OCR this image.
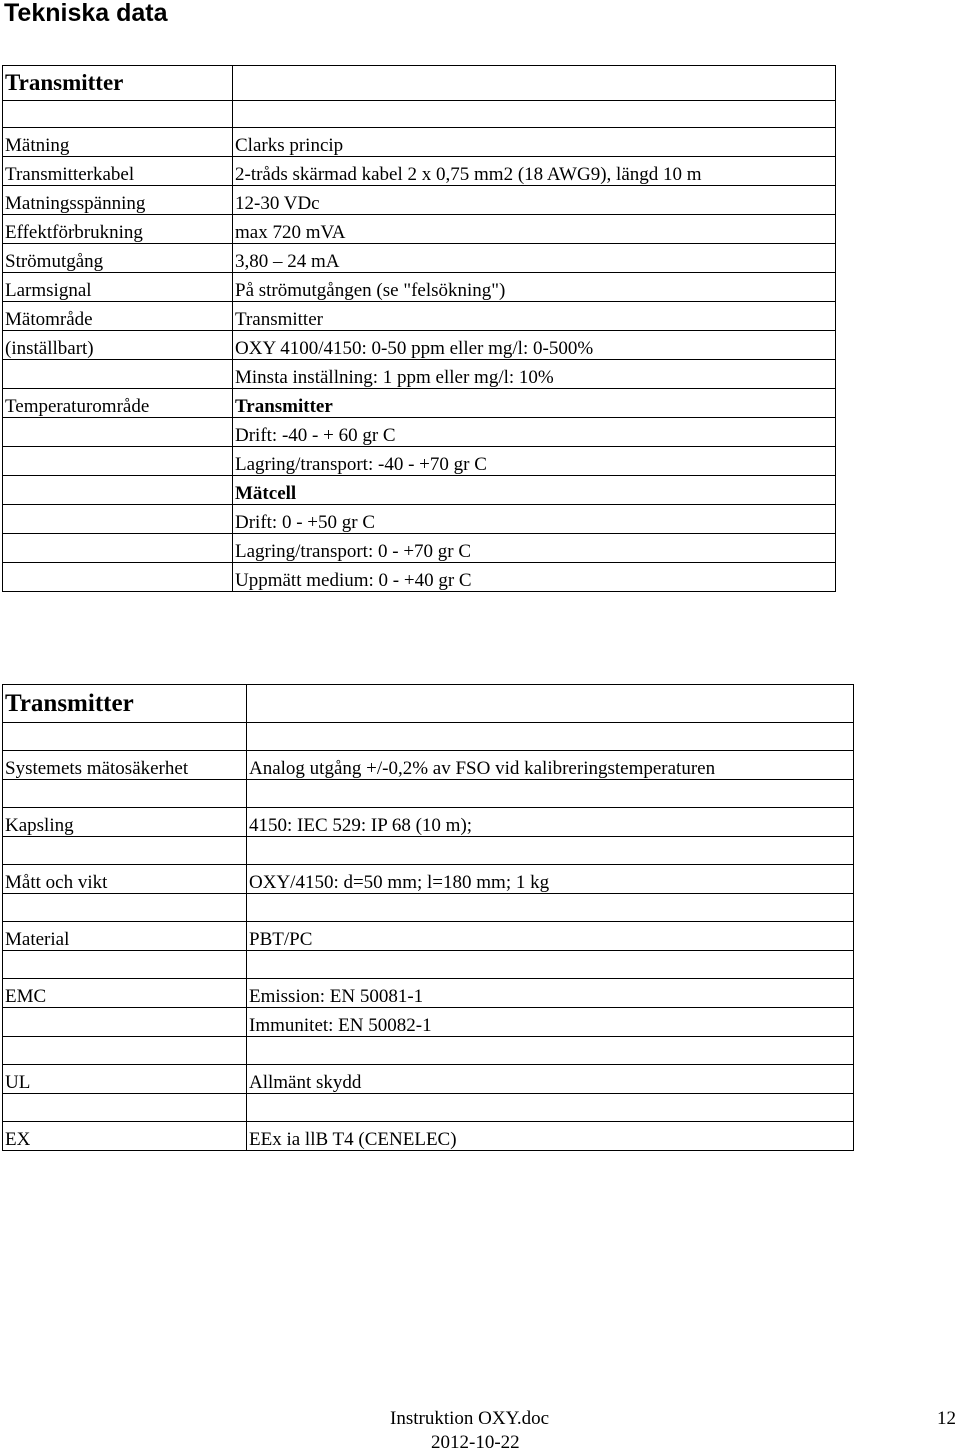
Tekniska data
Transmitter	

Mätning	Clarks princip
Transmitterkabel	2-tråds skärmad kabel 2 x 0,75 mm2 (18 AWG9), längd 10 m
Matningsspänning	12-30 VDc
Effektförbrukning	max 720 mVA
Strömutgång	3,80 – 24 mA
Larmsignal	På strömutgången (se "felsökning")
Mätområde	Transmitter
(inställbart)	OXY 4100/4150: 0-50 ppm eller mg/l: 0-500%
	Minsta inställning: 1 ppm eller mg/l: 10%
Temperaturområde	Transmitter
	Drift: -40 - + 60 gr C
	Lagring/transport: -40 - +70 gr C
	Mätcell
	Drift: 0 - +50 gr C
	Lagring/transport: 0 - +70 gr C
	Uppmätt medium: 0 - +40 gr C
Transmitter	

Systemets mätosäkerhet	Analog utgång +/-0,2% av FSO vid kalibreringstemperaturen

Kapsling	4150: IEC 529: IP 68 (10 m);

Mått och vikt	OXY/4150: d=50 mm; l=180 mm; 1 kg

Material	PBT/PC

EMC	Emission: EN 50081-1
	Immunitet: EN 50082-1

UL	Allmänt skydd

EX	EEx ia llB T4 (CENELEC)
Instruktion OXY.doc
2012-10-22
12
